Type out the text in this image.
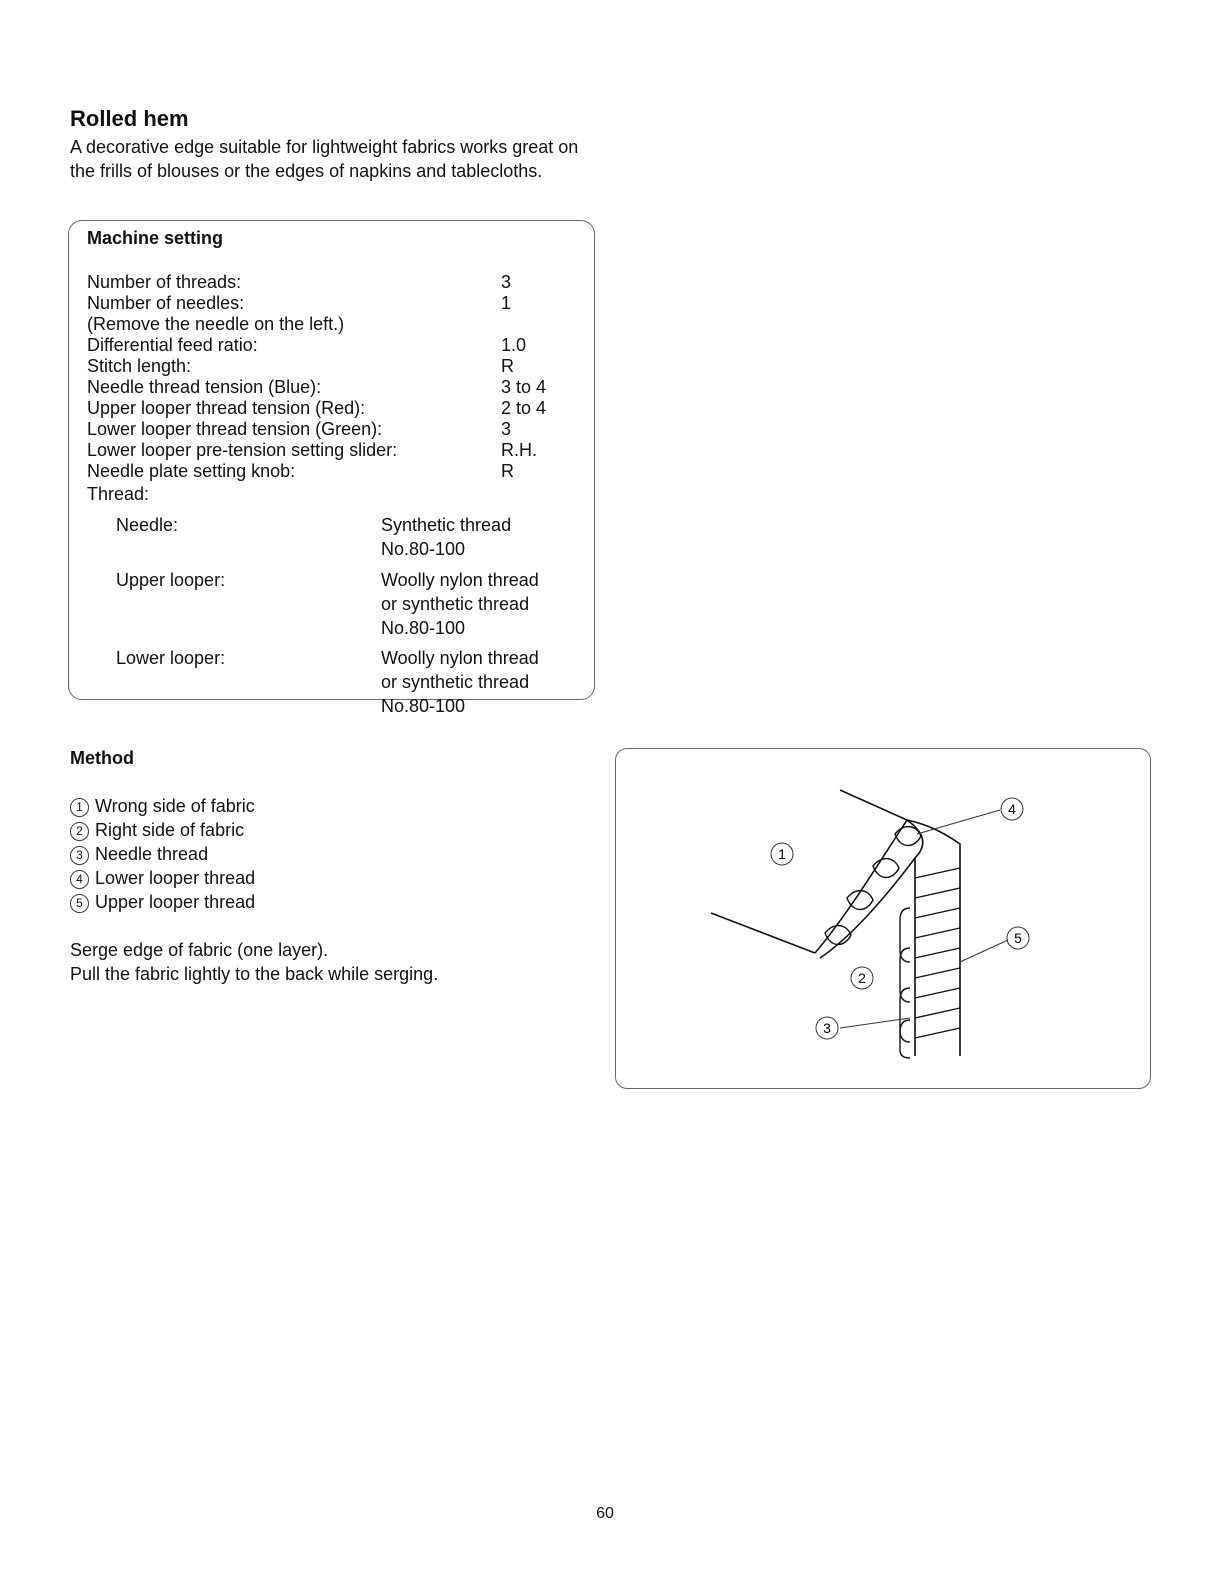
Rolled hem
A decorative edge suitable for lightweight fabrics works great on the frills of blouses or the edges of napkins and tablecloths.
Machine setting
Number of threads:	3
Number of needles:	1
(Remove the needle on the left.)
Differential feed ratio:	1.0
Stitch length:	R
Needle thread tension (Blue):	3 to 4
Upper looper thread tension (Red):	2 to 4
Lower looper thread tension (Green):	3
Lower looper pre-tension setting slider:	R.H.
Needle plate setting knob:	R
Thread:
Needle:	Synthetic thread
No.80-100
Upper looper:	Woolly nylon thread
or synthetic thread
No.80-100
Lower looper:	Woolly nylon thread
or synthetic thread
No.80-100
Method
1 Wrong side of fabric
2 Right side of fabric
3 Needle thread
4 Lower looper thread
5 Upper looper thread
Serge edge of fabric (one layer).
Pull the fabric lightly to the back while serging.
1
2
3
4
5
60
